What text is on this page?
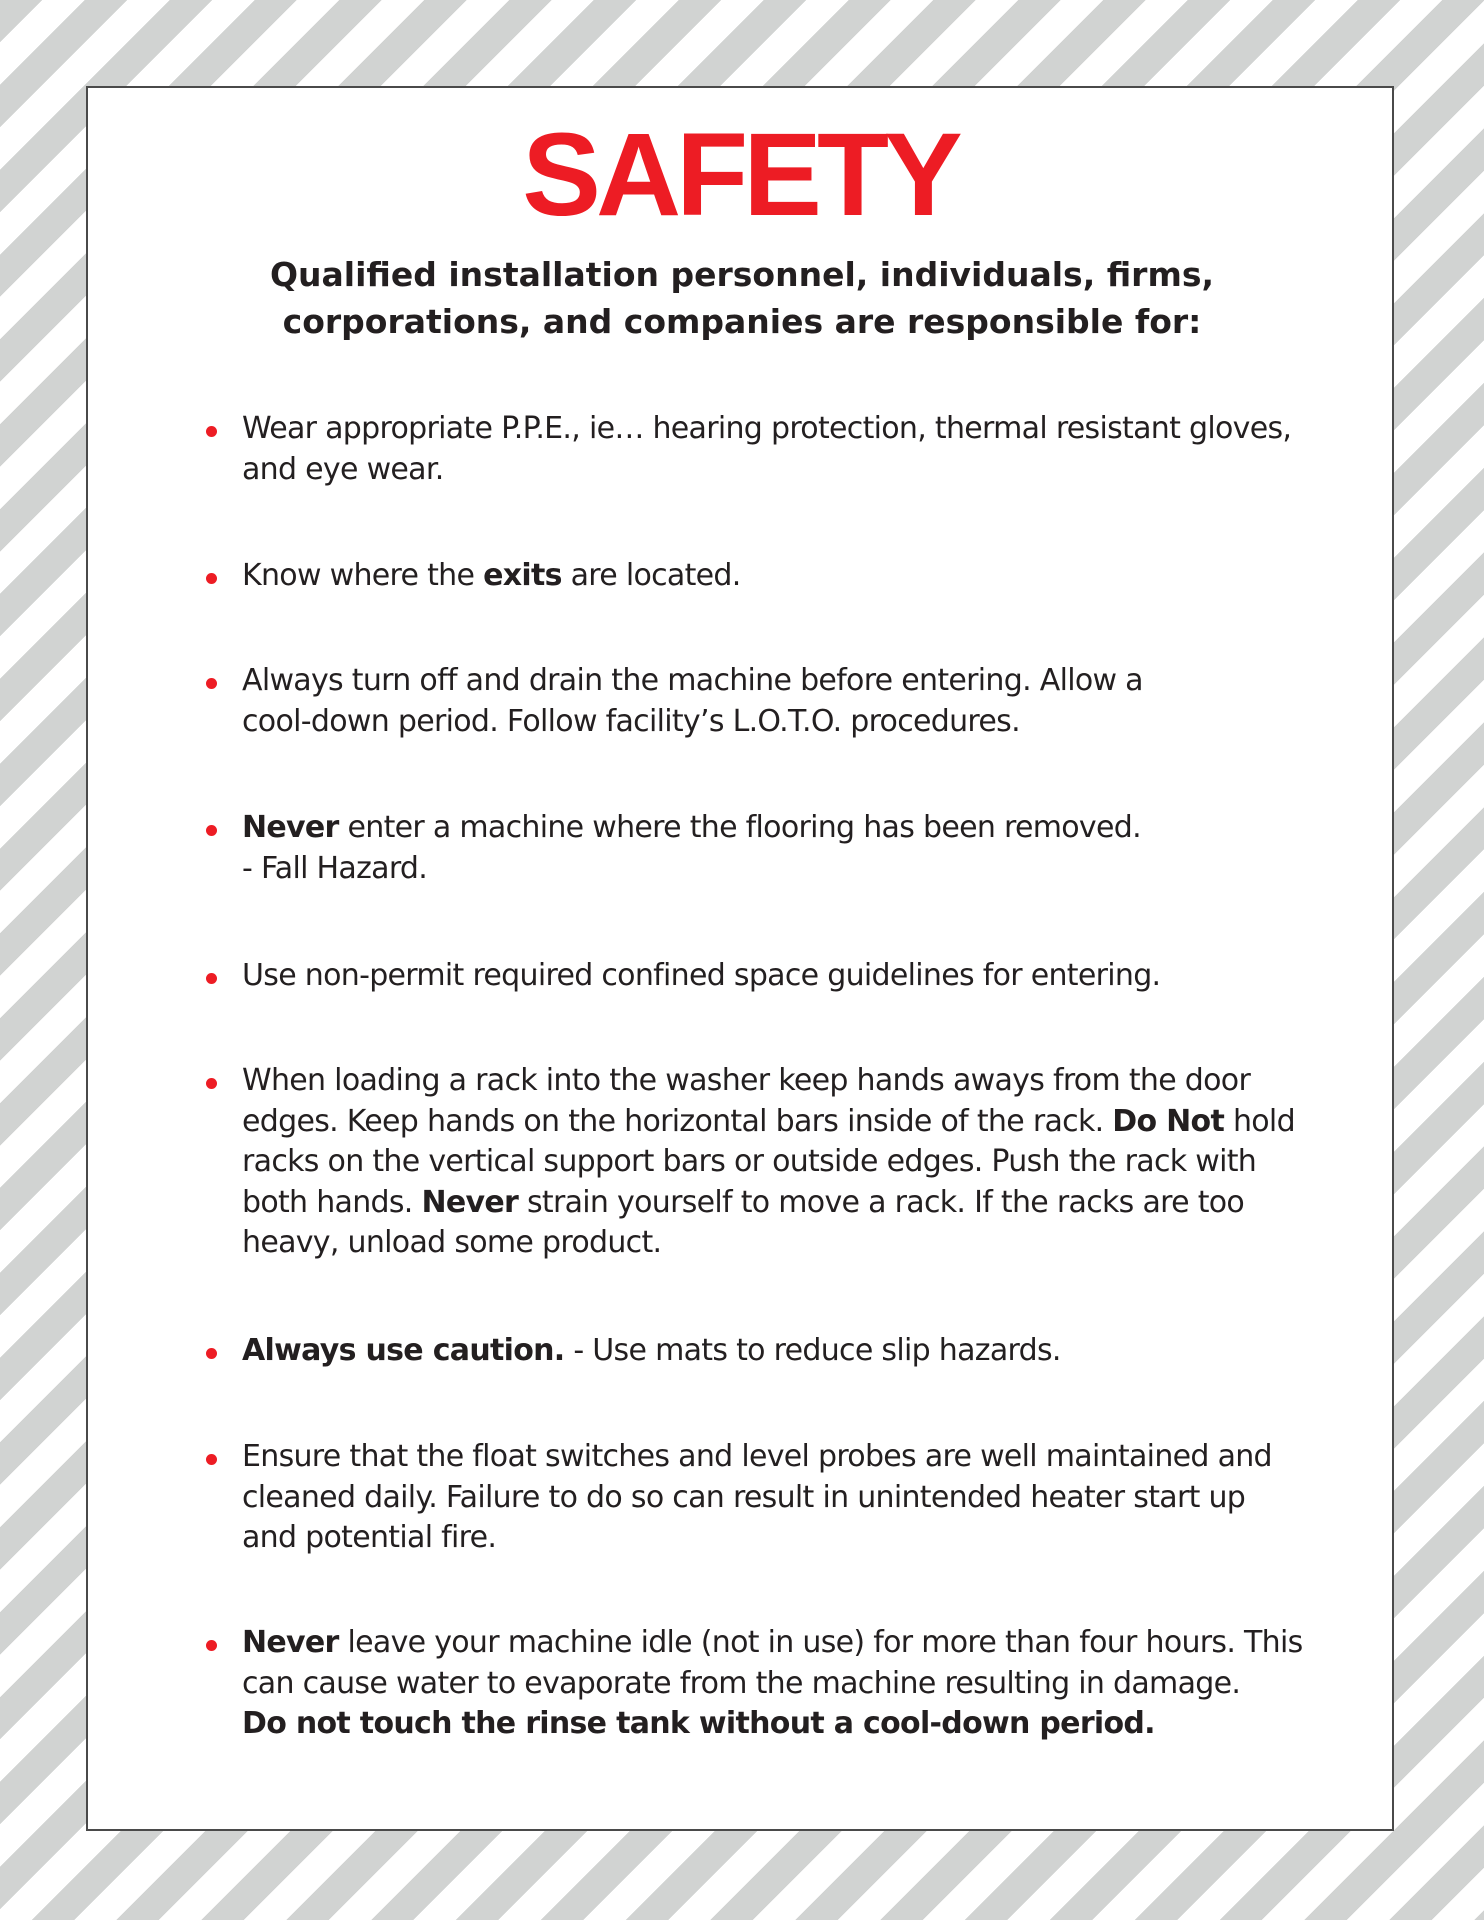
SAFETY
Qualified installation personnel, individuals, firms,
corporations, and companies are responsible for:
Wear appropriate P.P.E., ie… hearing protection, thermal resistant gloves,
and eye wear.
Know where the exits are located.
Always turn off and drain the machine before entering. Allow a
cool-down period. Follow facility’s L.O.T.O. procedures.
Never enter a machine where the flooring has been removed.
- Fall Hazard.
Use non-permit required confined space guidelines for entering.
When loading a rack into the washer keep hands aways from the door
edges. Keep hands on the horizontal bars inside of the rack. Do Not hold
racks on the vertical support bars or outside edges. Push the rack with
both hands. Never strain yourself to move a rack. If the racks are too
heavy, unload some product.
Always use caution. - Use mats to reduce slip hazards.
Ensure that the float switches and level probes are well maintained and
cleaned daily. Failure to do so can result in unintended heater start up
and potential fire.
Never leave your machine idle (not in use) for more than four hours. This
can cause water to evaporate from the machine resulting in damage.
Do not touch the rinse tank without a cool-down period.
